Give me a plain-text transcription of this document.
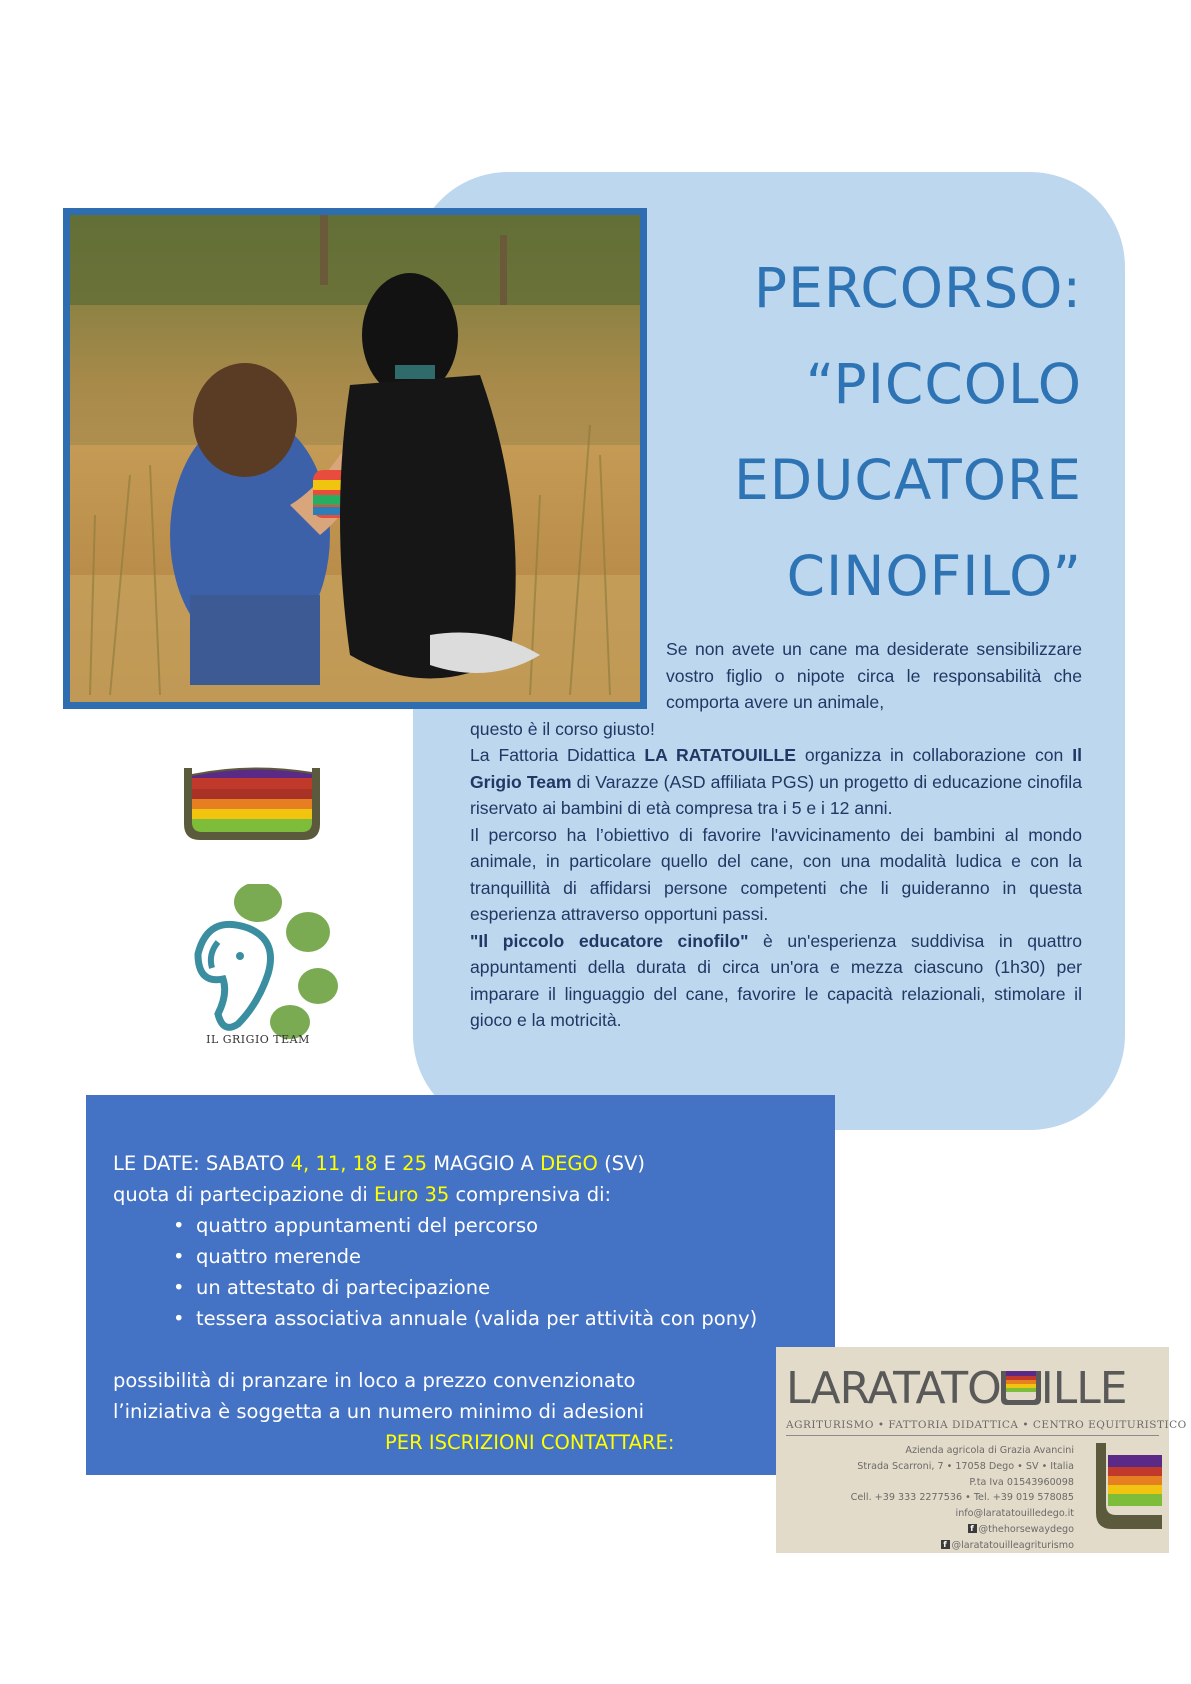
PERCORSO:
“PICCOLO
EDUCATORE
CINOFILO”

Se non avete un cane ma desiderate sensibilizzare vostro figlio o nipote circa le responsabilità che comporta avere un animale,

questo è il corso giusto!

La Fattoria Didattica LA RATATOUILLE organizza in collaborazione con Il Grigio Team di Varazze (ASD affiliata PGS) un progetto di educazione cinofila riservato ai bambini di età compresa tra i 5 e i 12 anni.

Il percorso ha l’obiettivo di favorire l'avvicinamento dei bambini al mondo animale, in particolare quello del cane, con una modalità ludica e con la tranquillità di affidarsi persone competenti che li guideranno in questa esperienza attraverso opportuni passi.

"Il piccolo educatore cinofilo" è un'esperienza suddivisa in quattro appuntamenti della durata di circa un'ora e mezza ciascuno (1h30) per imparare il linguaggio del cane, favorire le capacità relazionali, stimolare il gioco e la motricità.

IL GRIGIO TEAM
LE DATE: SABATO 4, 11, 18 E 25 MAGGIO A DEGO (SV)
quota di partecipazione di Euro 35 comprensiva di:
• quattro appuntamenti del percorso
• quattro merende
• un attestato di partecipazione
• tessera associativa annuale (valida per attività con pony)
possibilità di pranzare in loco a prezzo convenzionato
l’iniziativa è soggetta a un numero minimo di adesioni
PER ISCRIZIONI CONTATTARE:
LARATATO ILLE
AGRITURISMO • FATTORIA DIDATTICA • CENTRO EQUITURISTICO
Azienda agricola di Grazia Avancini
Strada Scarroni, 7 • 17058 Dego • SV • Italia
P.ta Iva 01543960098
Cell. +39 333 2277536 • Tel. +39 019 578085
info@laratatouilledego.it
f @thehorsewaydego
f @laratatouilleagriturismo
